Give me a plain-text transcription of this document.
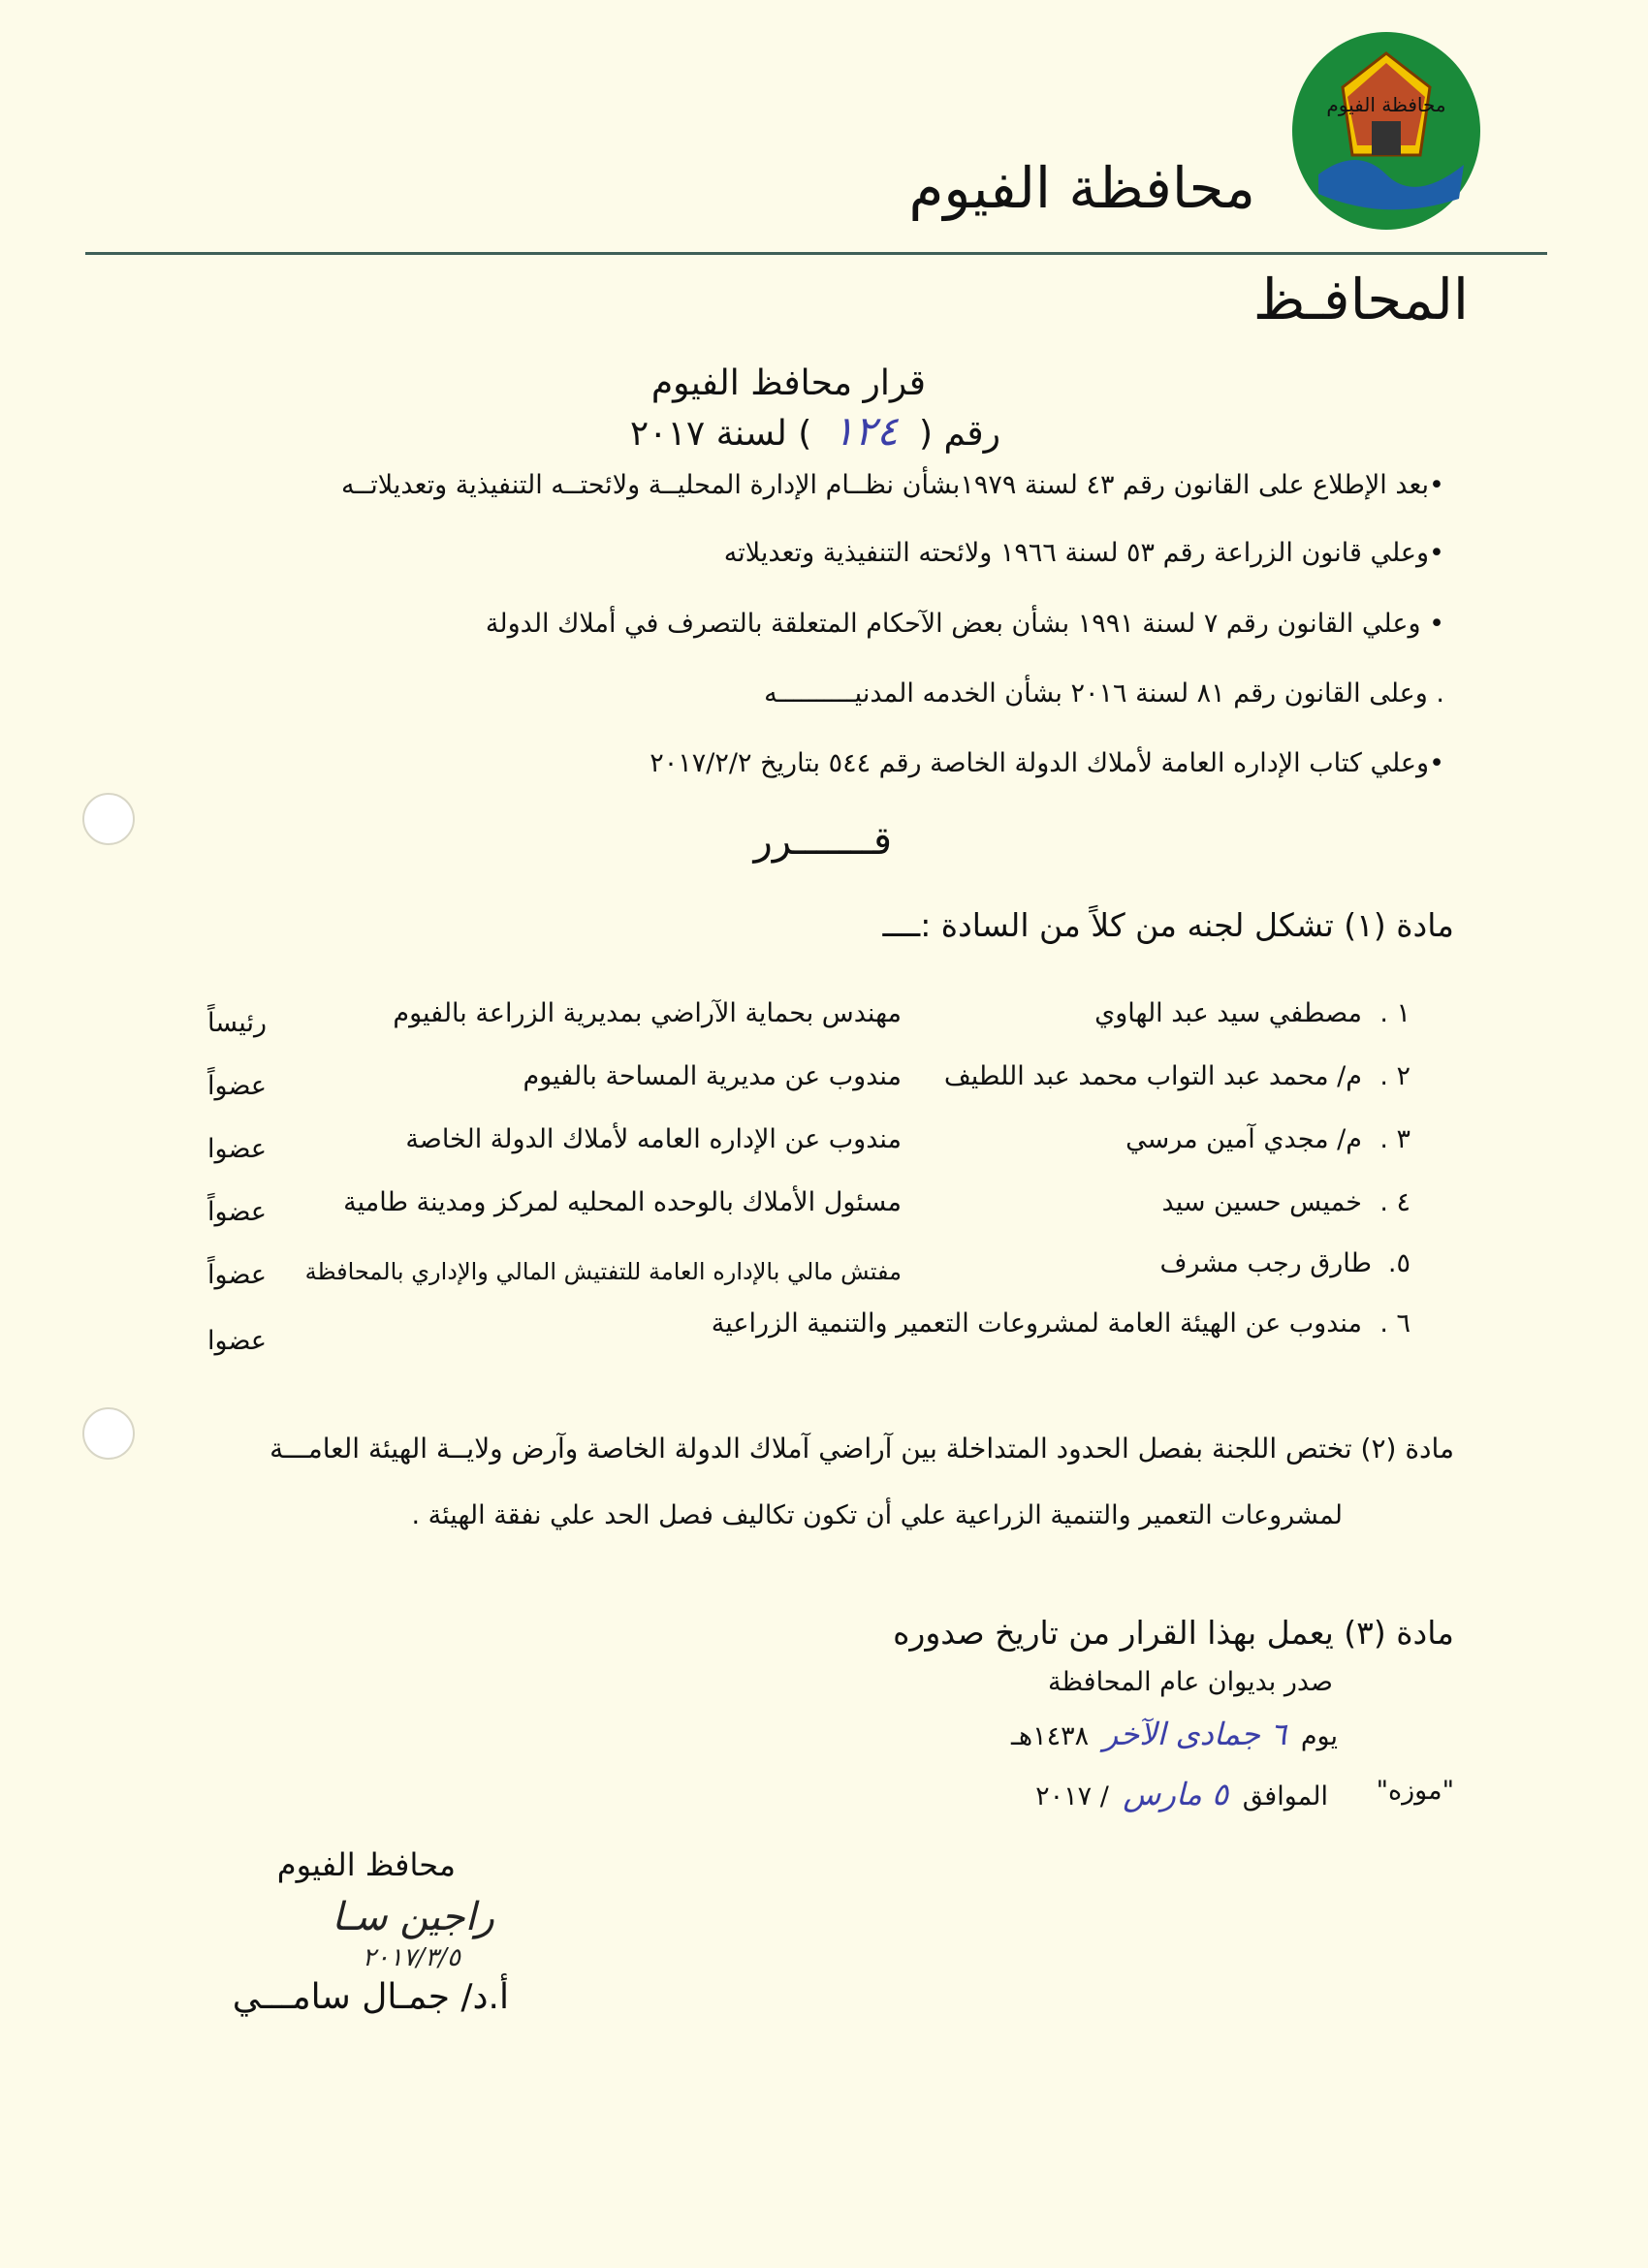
محافظة الفيوم
محافظة الفيوم
المحافـظ
قرار محافظ الفيوم
رقم ( ١٢٤ ) لسنة ٢٠١٧
•بعد الإطلاع على القانون رقم ٤٣ لسنة ١٩٧٩بشأن نظــام الإدارة المحليــة ولائحتــه التنفيذية وتعديلاتــه
•وعلي قانون الزراعة رقم ٥٣ لسنة ١٩٦٦ ولائحته التنفيذية وتعديلاته
• وعلي القانون رقم ٧ لسنة ١٩٩١ بشأن بعض الآحكام المتعلقة بالتصرف في أملاك الدولة
. وعلى القانون رقم ٨١ لسنة ٢٠١٦ بشأن الخدمه المدنيــــــــــه
•وعلي كتاب الإداره العامة لأملاك الدولة الخاصة رقم ٥٤٤ بتاريخ ٢٠١٧/٢/٢
قـــــــرر
مادة (١) تشكل لجنه من كلاً من السادة :ــــ
١ .
مصطفي سيد عبد الهاوي
مهندس بحماية الآراضي بمديرية الزراعة بالفيوم
رئيساً
٢ .
م/ محمد عبد التواب محمد عبد اللطيف
مندوب عن مديرية المساحة بالفيوم
عضواً
٣ .
م/ مجدي آمين مرسي
مندوب عن الإداره العامه لأملاك الدولة الخاصة
عضوا
٤ .
خميس حسين سيد
مسئول الأملاك بالوحده المحليه لمركز ومدينة طامية
عضواً
٥.
طارق رجب مشرف
مفتش مالي بالإداره العامة للتفتيش المالي والإداري بالمحافظة
عضواً
٦ .
مندوب عن الهيئة العامة لمشروعات التعمير والتنمية الزراعية
عضوا
مادة (٢) تختص اللجنة بفصل الحدود المتداخلة بين آراضي آملاك الدولة الخاصة وآرض ولايــة الهيئة العامـــة
لمشروعات التعمير والتنمية الزراعية علي أن تكون تكاليف فصل الحد علي نفقة الهيئة .
مادة (٣) يعمل بهذا القرار من تاريخ صدوره
صدر بديوان عام المحافظة
يوم ٦ جمادى الآخر ١٤٣٨هـ
"موزه"
الموافق ٥ مارس / ٢٠١٧
محافظ الفيوم
راجين سـا
٢٠١٧/٣/٥
أ.د/ جمـال سامـــي
